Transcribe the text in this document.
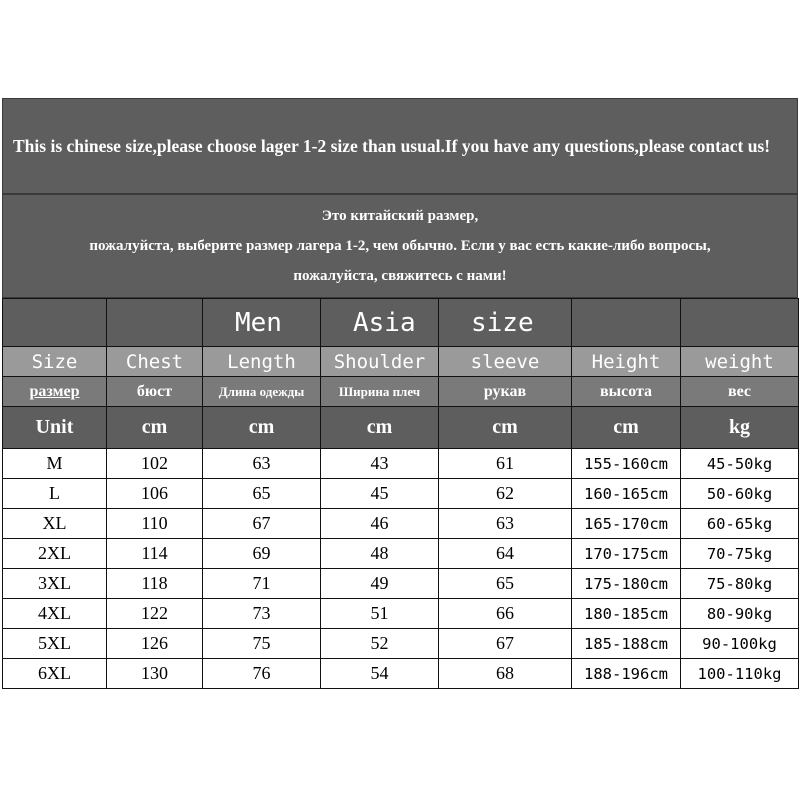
This is chinese size,please choose lager 1-2 size than usual.If you have any questions,please contact us!
Это китайский размер,
пожалуйста, выберите размер лагера 1-2, чем обычно. Если у вас есть какие-либо вопросы,
пожалуйста, свяжитесь с нами!
		Men	Asia	size		
Size	Chest	Length	Shoulder	sleeve	Height	weight
размер	бюст	Длина одежды	Ширина плеч	рукав	высота	вес
Unit	cm	cm	cm	cm	cm	kg
M	102	63	43	61	155-160cm	45-50kg
L	106	65	45	62	160-165cm	50-60kg
XL	110	67	46	63	165-170cm	60-65kg
2XL	114	69	48	64	170-175cm	70-75kg
3XL	118	71	49	65	175-180cm	75-80kg
4XL	122	73	51	66	180-185cm	80-90kg
5XL	126	75	52	67	185-188cm	90-100kg
6XL	130	76	54	68	188-196cm	100-110kg
